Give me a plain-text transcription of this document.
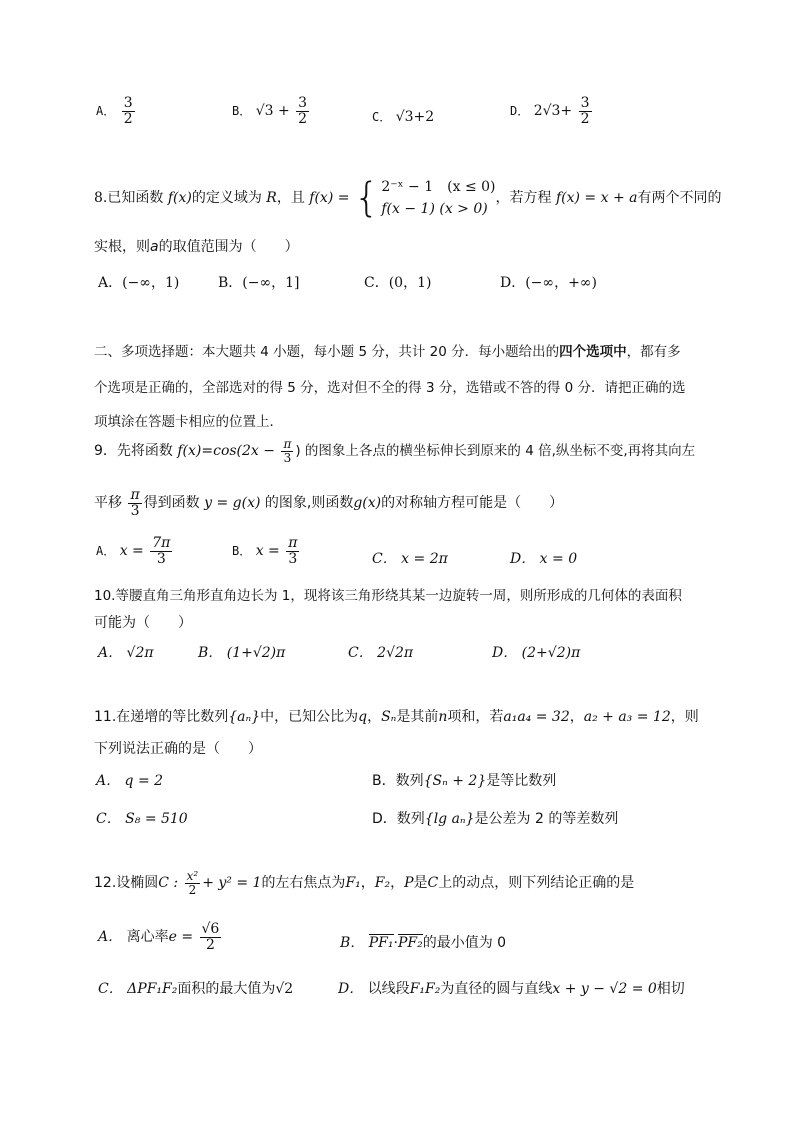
A． $\frac{3}{2}$	B． $√3 + \frac{3}{2}$	C． √3+2	D． $2√3+ \frac{3}{2}$
8.已知函数 f(x)的定义域为 R，且 f(x) = { 2⁻ˣ − 1　(x ≤ 0)
f(x − 1) (x > 0)
，若方程 f(x) = x + a有两个不同的
实根，则a的取值范围为（　　）
A．(−∞，1)	B．(−∞，1]	C．(0，1)	D．(−∞，+∞)
二、多项选择题：本大题共 4 小题，每小题 5 分，共计 20 分．每小题给出的四个选项中，都有多
个选项是正确的，全部选对的得 5 分，选对但不全的得 3 分，选错或不答的得 0 分．请把正确的选
项填涂在答题卡相应的位置上．
9．先将函数 $f(x)=\cos(2x - \frac{\pi}{3}$ ) 的图象上各点的横坐标伸长到原来的 4 倍,纵坐标不变,再将其向左
平移 $\frac{\pi}{3}$ 得到函数 y = g(x) 的图象,则函数g(x)的对称轴方程可能是（　　）
A． $x = \frac{7\pi}{3}$	B． $x = \frac{\pi}{3}$	C． x = 2π	D． x = 0
10.等腰直角三角形直角边长为 1，现将该三角形绕其某一边旋转一周，则所形成的几何体的表面积
可能为（　　）
A． √2π	B． (1+√2)π	C． 2√2π	D． (2+√2)π
11.在递增的等比数列{aₙ}中，已知公比为q，Sₙ是其前n项和，若a₁a₄ = 32，a₂ + a₃ = 12，则
下列说法正确的是（　　）
A． q = 2	B．数列{Sₙ + 2}是等比数列
C． S₈ = 510	D．数列{lg aₙ}是公差为 2 的等差数列
12.设椭圆C : $\frac{\text{x²}}{2} + y^2 = 1$的左右焦点为F₁，F₂，P是C上的动点，则下列结论正确的是
A． 离心率$e = \frac{√6}{2}$	B． PF₁·PF₂的最小值为 0
C． ΔPF₁F₂面积的最大值为√2	D． 以线段F₁F₂为直径的圆与直线x + y − √2 = 0相切
